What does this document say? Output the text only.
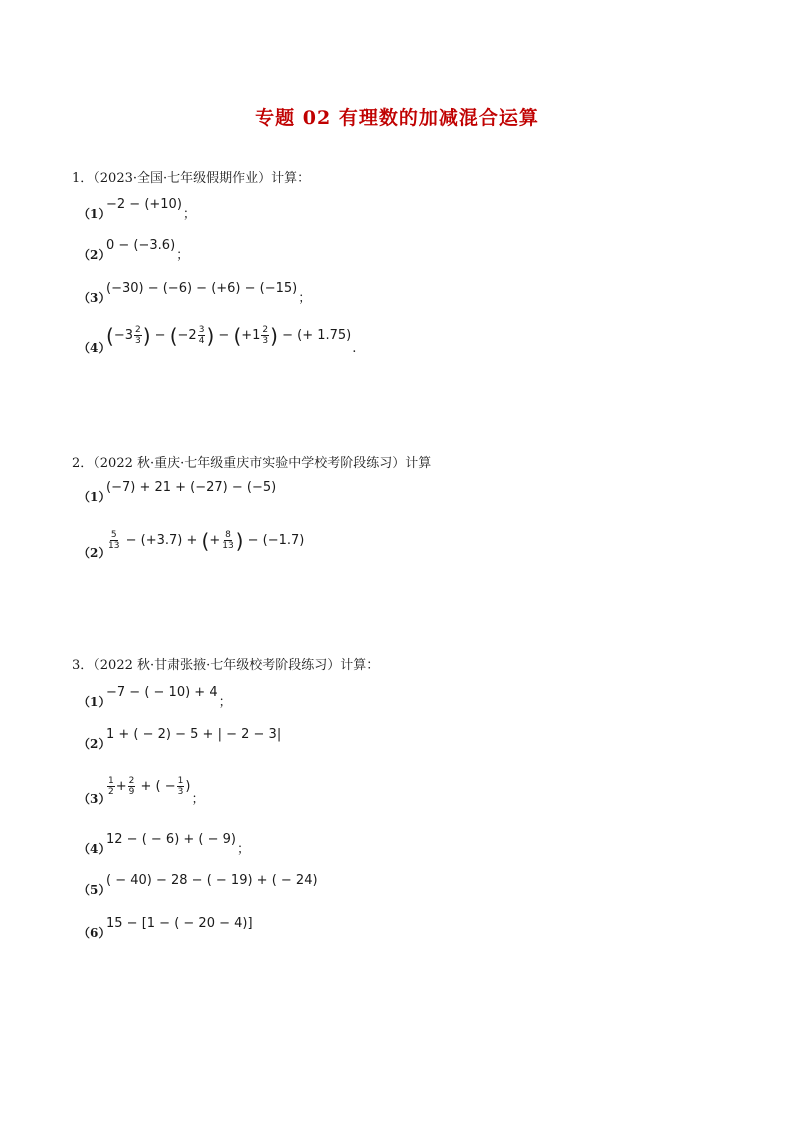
专题 02 有理数的加减混合运算
1．（2023·全国·七年级假期作业）计算：
（1）
−2 − (+10)
；
（2）
0 − (−3.6)
；
（3）
(−30) − (−6) − (+6) − (−15)
；
（4）
( $-3 \frac{2}{3}$ )
−
( $-2 \frac{3}{4}$ )
−
( $+1 \frac{2}{3}$ )
− (+ 1.75)
.
2．（2022 秋·重庆·七年级重庆市实验中学校考阶段练习）计算
（1）
(−7) + 21 + (−27) − (−5)
（2）
$\frac{5}{13}$
− (+3.7) +
( + $\frac{8}{13}$ )
− (−1.7)
3．（2022 秋·甘肃张掖·七年级校考阶段练习）计算：
（1）
−7 − ( − 10) + 4
；
（2）
1 + ( − 2) − 5 + | − 2 − 3|
（3）
$\frac{1}{2} + \frac{2}{9}$
+ ( − $\frac{1}{3}$ )
；
（4）
12 − ( − 6) + ( − 9)
；
（5）
( − 40) − 28 − ( − 19) + ( − 24)
（6）
15 − [1 − ( − 20 − 4)]
